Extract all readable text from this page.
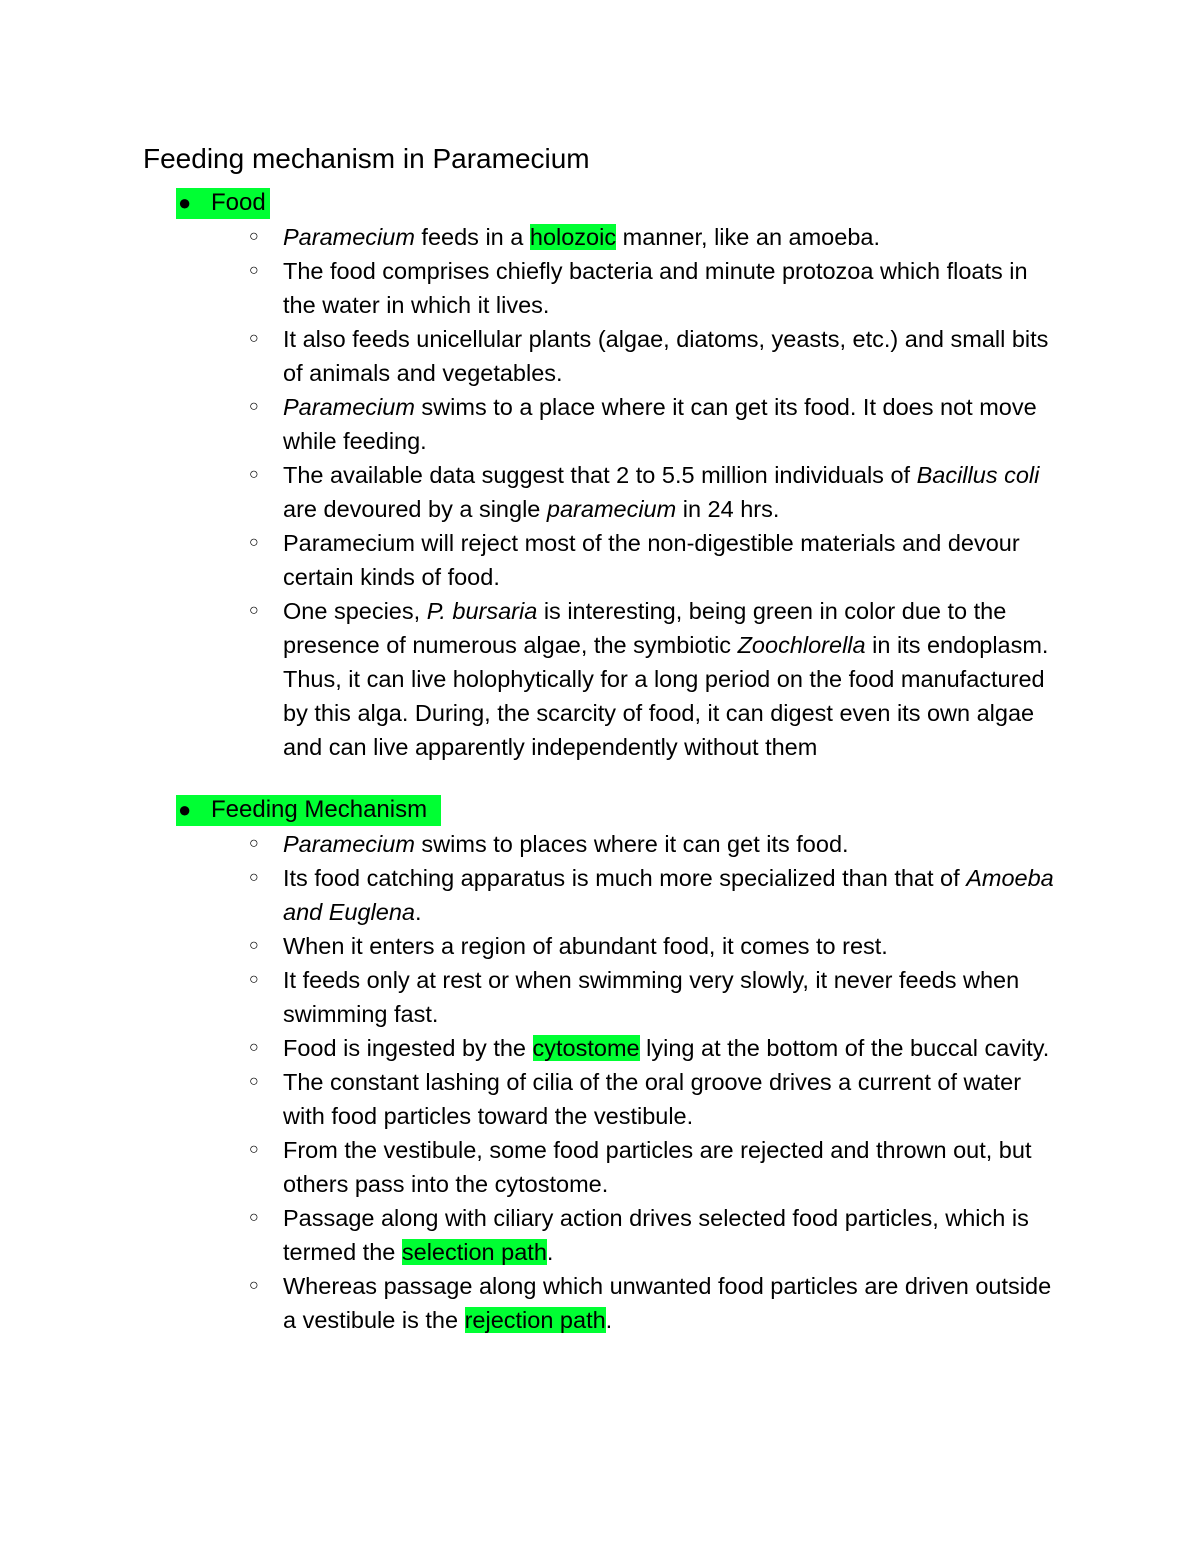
Feeding mechanism in Paramecium
● Food
○ Paramecium feeds in a holozoic manner, like an amoeba.
○ The food comprises chiefly bacteria and minute protozoa which floats in the water in which it lives.
○ It also feeds unicellular plants (algae, diatoms, yeasts, etc.) and small bits of animals and vegetables.
○ Paramecium swims to a place where it can get its food. It does not move while feeding.
○ The available data suggest that 2 to 5.5 million individuals of Bacillus coli are devoured by a single paramecium in 24 hrs.
○ Paramecium will reject most of the non-digestible materials and devour certain kinds of food.
○ One species, P. bursaria is interesting, being green in color due to the presence of numerous algae, the symbiotic Zoochlorella in its endoplasm. Thus, it can live holophytically for a long period on the food manufactured by this alga. During, the scarcity of food, it can digest even its own algae and can live apparently independently without them
● Feeding Mechanism
○ Paramecium swims to places where it can get its food.
○ Its food catching apparatus is much more specialized than that of Amoeba and Euglena.
○ When it enters a region of abundant food, it comes to rest.
○ It feeds only at rest or when swimming very slowly, it never feeds when swimming fast.
○ Food is ingested by the cytostome lying at the bottom of the buccal cavity.
○ The constant lashing of cilia of the oral groove drives a current of water with food particles toward the vestibule.
○ From the vestibule, some food particles are rejected and thrown out, but others pass into the cytostome.
○ Passage along with ciliary action drives selected food particles, which is termed the selection path.
○ Whereas passage along which unwanted food particles are driven outside a vestibule is the rejection path.
